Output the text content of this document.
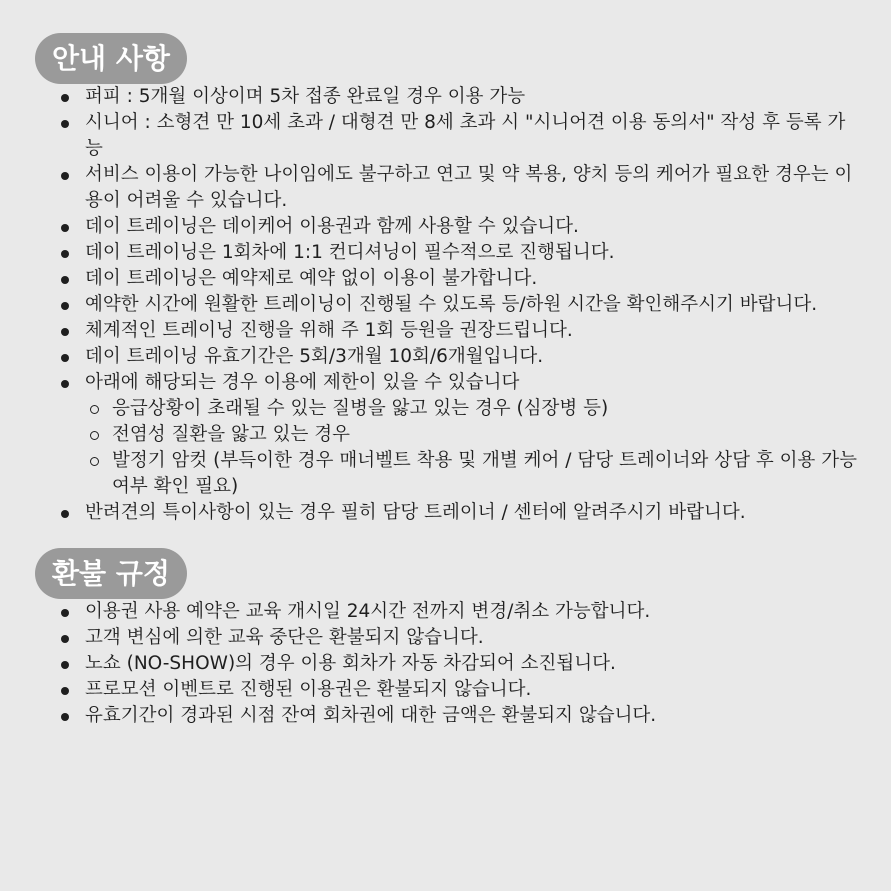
안내 사항
퍼피 : 5개월 이상이며 5차 접종 완료일 경우 이용 가능
시니어 : 소형견 만 10세 초과 / 대형견 만 8세 초과 시 "시니어견 이용 동의서" 작성 후 등록 가능
서비스 이용이 가능한 나이임에도 불구하고 연고 및 약 복용, 양치 등의 케어가 필요한 경우는 이용이 어려울 수 있습니다.
데이 트레이닝은 데이케어 이용권과 함께 사용할 수 있습니다.
데이 트레이닝은 1회차에 1:1 컨디셔닝이 필수적으로 진행됩니다.
데이 트레이닝은 예약제로 예약 없이 이용이 불가합니다.
예약한 시간에 원활한 트레이닝이 진행될 수 있도록 등/하원 시간을 확인해주시기 바랍니다.
체계적인 트레이닝 진행을 위해 주 1회 등원을 권장드립니다.
데이 트레이닝 유효기간은 5회/3개월 10회/6개월입니다.
아래에 해당되는 경우 이용에 제한이 있을 수 있습니다
응급상황이 초래될 수 있는 질병을 앓고 있는 경우 (심장병 등)
전염성 질환을 앓고 있는 경우
발정기 암컷 (부득이한 경우 매너벨트 착용 및 개별 케어 / 담당 트레이너와 상담 후 이용 가능 여부 확인 필요)
반려견의 특이사항이 있는 경우 필히 담당 트레이너 / 센터에 알려주시기 바랍니다.
환불 규정
이용권 사용 예약은 교육 개시일 24시간 전까지 변경/취소 가능합니다.
고객 변심에 의한 교육 중단은 환불되지 않습니다.
노쇼 (NO-SHOW)의 경우 이용 회차가 자동 차감되어 소진됩니다.
프로모션 이벤트로 진행된 이용권은 환불되지 않습니다.
유효기간이 경과된 시점 잔여 회차권에 대한 금액은 환불되지 않습니다.
